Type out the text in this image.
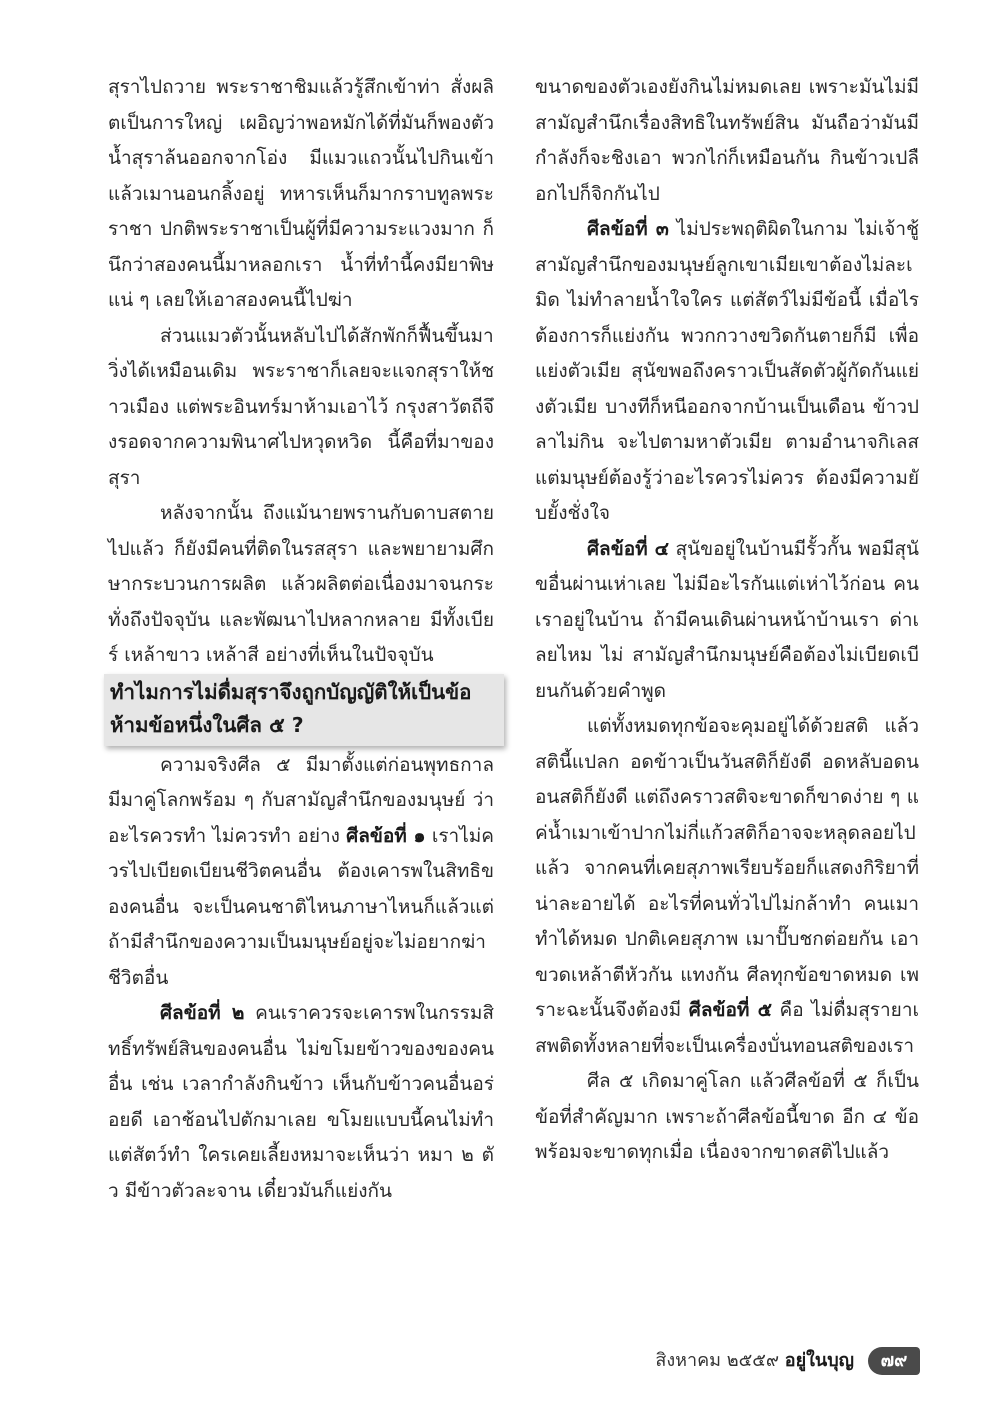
สุราไปถวาย พระราชาชิมแล้วรู้สึกเข้าท่า สั่งผลิตเป็นการใหญ่ เผอิญว่าพอหมักได้ที่มันก็พองตัว น้ำสุราล้นออกจากโอ่ง มีแมวแถวนั้นไปกินเข้า แล้วเมานอนกลิ้งอยู่ ทหารเห็นก็มากราบทูลพระราชา ปกติพระราชาเป็นผู้ที่มีความระแวงมาก ก็นึกว่าสองคนนี้มาหลอกเรา น้ำที่ทำนี้คงมียาพิษแน่ ๆ เลยให้เอาสองคนนี้ไปฆ่า

ส่วนแมวตัวนั้นหลับไปได้สักพักก็ฟื้นขึ้นมาวิ่งได้เหมือนเดิม พระราชาก็เลยจะแจกสุราให้ชาวเมือง แต่พระอินทร์มาห้ามเอาไว้ กรุงสาวัตถีจึงรอดจากความพินาศไปหวุดหวิด นี้คือที่มาของสุรา

หลังจากนั้น ถึงแม้นายพรานกับดาบสตายไปแล้ว ก็ยังมีคนที่ติดในรสสุรา และพยายามศึกษากระบวนการผลิต แล้วผลิตต่อเนื่องมาจนกระทั่งถึงปัจจุบัน และพัฒนาไปหลากหลาย มีทั้งเบียร์ เหล้าขาว เหล้าสี อย่างที่เห็นในปัจจุบัน

ทำไมการไม่ดื่มสุราจึงถูกบัญญัติให้เป็นข้อห้ามข้อหนึ่งในศีล ๕ ?

ความจริงศีล ๕ มีมาตั้งแต่ก่อนพุทธกาล มีมาคู่โลกพร้อม ๆ กับสามัญสำนึกของมนุษย์ ว่าอะไรควรทำ ไม่ควรทำ อย่าง ศีลข้อที่ ๑ เราไม่ควรไปเบียดเบียนชีวิตคนอื่น ต้องเคารพในสิทธิของคนอื่น จะเป็นคนชาติไหนภาษาไหนก็แล้วแต่ ถ้ามีสำนึกของความเป็นมนุษย์อยู่จะไม่อยากฆ่าชีวิตอื่น

ศีลข้อที่ ๒ คนเราควรจะเคารพในกรรมสิทธิ์ทรัพย์สินของคนอื่น ไม่ขโมยข้าวของของคนอื่น เช่น เวลากำลังกินข้าว เห็นกับข้าวคนอื่นอร่อยดี เอาช้อนไปตักมาเลย ขโมยแบบนี้คนไม่ทำ แต่สัตว์ทำ ใครเคยเลี้ยงหมาจะเห็นว่า หมา ๒ ตัว มีข้าวตัวละจาน เดี๋ยวมันก็แย่งกัน

ขนาดของตัวเองยังกินไม่หมดเลย เพราะมันไม่มีสามัญสำนึกเรื่องสิทธิในทรัพย์สิน มันถือว่ามันมีกำลังก็จะชิงเอา พวกไก่ก็เหมือนกัน กินข้าวเปลือกไปก็จิกกันไป

ศีลข้อที่ ๓ ไม่ประพฤติผิดในกาม ไม่เจ้าชู้ สามัญสำนึกของมนุษย์ลูกเขาเมียเขาต้องไม่ละเมิด ไม่ทำลายน้ำใจใคร แต่สัตว์ไม่มีข้อนี้ เมื่อไรต้องการก็แย่งกัน พวกกวางขวิดกันตายก็มี เพื่อแย่งตัวเมีย สุนัขพอถึงคราวเป็นสัดตัวผู้กัดกันแย่งตัวเมีย บางทีก็หนีออกจากบ้านเป็นเดือน ข้าวปลาไม่กิน จะไปตามหาตัวเมีย ตามอำนาจกิเลส แต่มนุษย์ต้องรู้ว่าอะไรควรไม่ควร ต้องมีความยับยั้งชั่งใจ

ศีลข้อที่ ๔ สุนัขอยู่ในบ้านมีรั้วกั้น พอมีสุนัขอื่นผ่านเห่าเลย ไม่มีอะไรกันแต่เห่าไว้ก่อน คนเราอยู่ในบ้าน ถ้ามีคนเดินผ่านหน้าบ้านเรา ด่าเลยไหม ไม่ สามัญสำนึกมนุษย์คือต้องไม่เบียดเบียนกันด้วยคำพูด

แต่ทั้งหมดทุกข้อจะคุมอยู่ได้ด้วยสติ แล้วสตินี้แปลก อดข้าวเป็นวันสติก็ยังดี อดหลับอดนอนสติก็ยังดี แต่ถึงคราวสติจะขาดก็ขาดง่าย ๆ แค่น้ำเมาเข้าปากไม่กี่แก้วสติก็อาจจะหลุดลอยไปแล้ว จากคนที่เคยสุภาพเรียบร้อยก็แสดงกิริยาที่น่าละอายได้ อะไรที่คนทั่วไปไม่กล้าทำ คนเมาทำได้หมด ปกติเคยสุภาพ เมาปั๊บชกต่อยกัน เอาขวดเหล้าตีหัวกัน แทงกัน ศีลทุกข้อขาดหมด เพราะฉะนั้นจึงต้องมี ศีลข้อที่ ๕ คือ ไม่ดื่มสุรายาเสพติดทั้งหลายที่จะเป็นเครื่องบั่นทอนสติของเรา

ศีล ๕ เกิดมาคู่โลก แล้วศีลข้อที่ ๕ ก็เป็นข้อที่สำคัญมาก เพราะถ้าศีลข้อนี้ขาด อีก ๔ ข้อพร้อมจะขาดทุกเมื่อ เนื่องจากขาดสติไปแล้ว

สิงหาคม ๒๕๕๙ อยู่ในบุญ	๗๙
